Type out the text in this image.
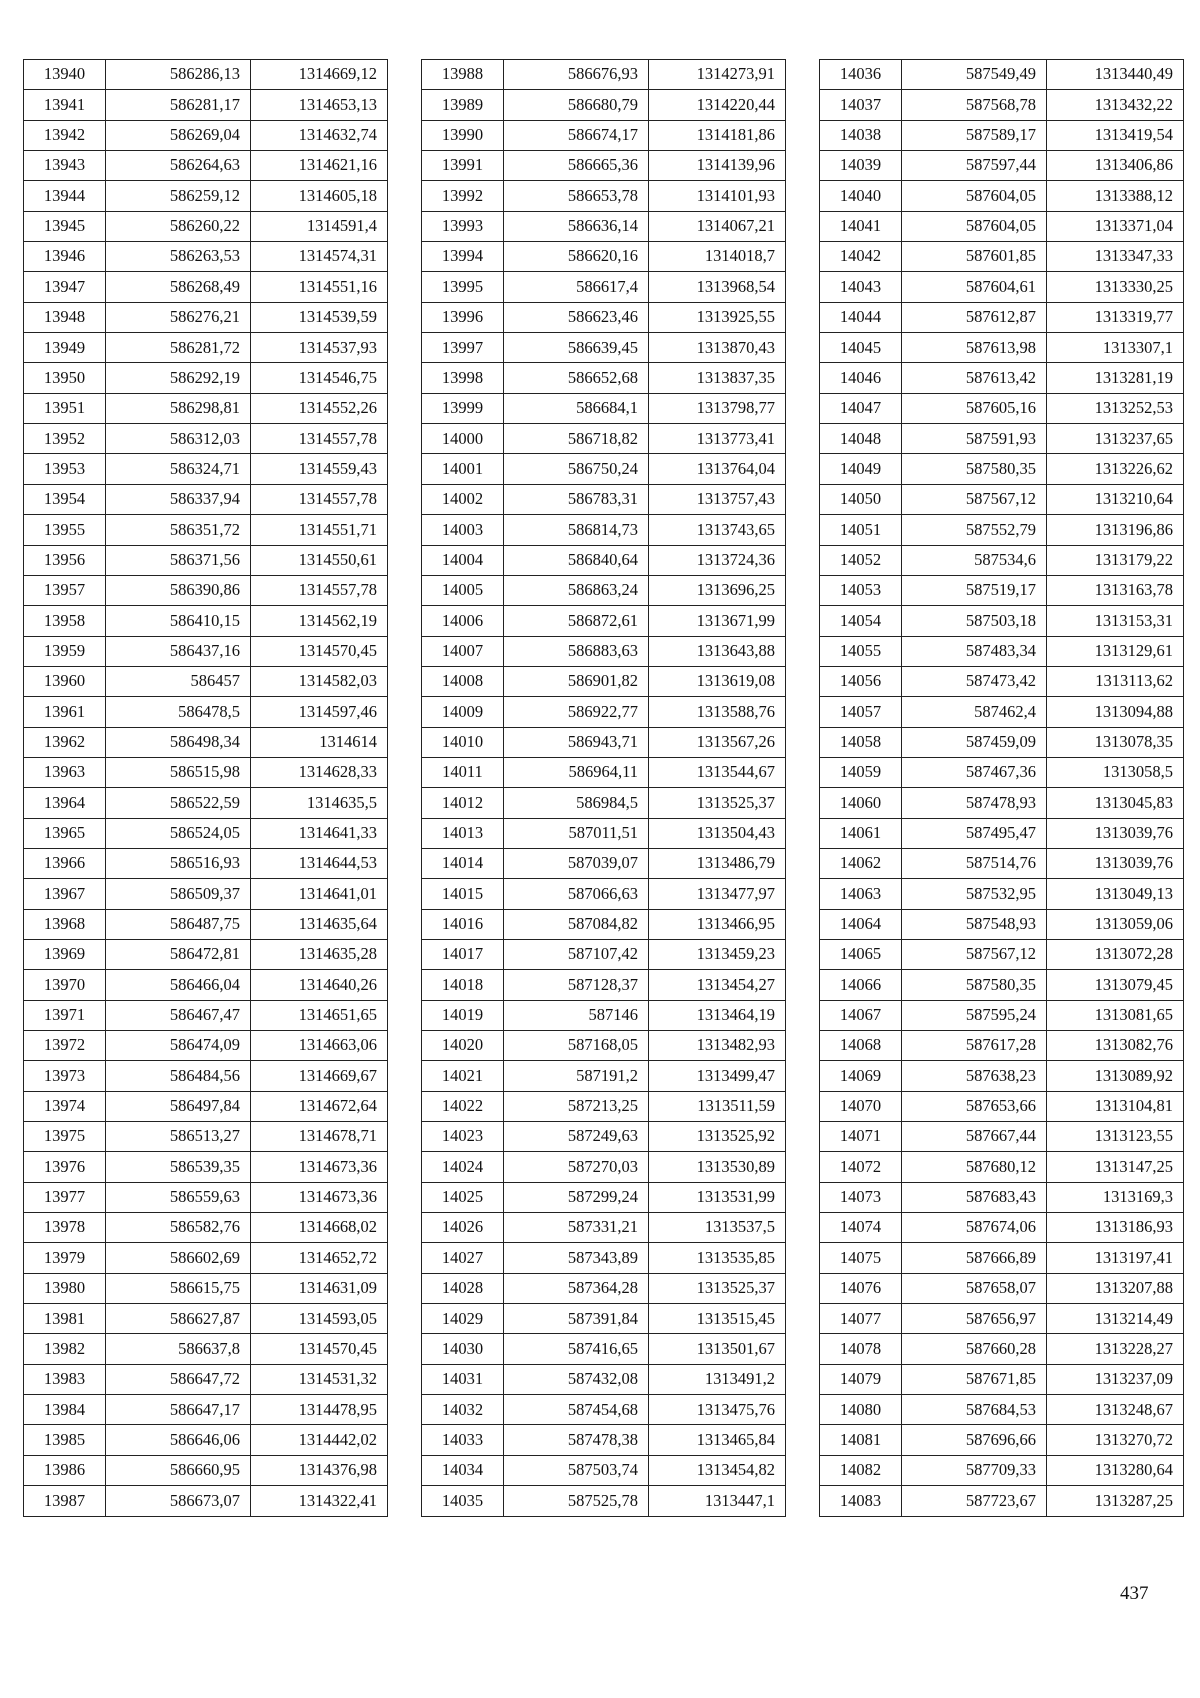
13940	586286,13	1314669,12
13941	586281,17	1314653,13
13942	586269,04	1314632,74
13943	586264,63	1314621,16
13944	586259,12	1314605,18
13945	586260,22	1314591,4
13946	586263,53	1314574,31
13947	586268,49	1314551,16
13948	586276,21	1314539,59
13949	586281,72	1314537,93
13950	586292,19	1314546,75
13951	586298,81	1314552,26
13952	586312,03	1314557,78
13953	586324,71	1314559,43
13954	586337,94	1314557,78
13955	586351,72	1314551,71
13956	586371,56	1314550,61
13957	586390,86	1314557,78
13958	586410,15	1314562,19
13959	586437,16	1314570,45
13960	586457	1314582,03
13961	586478,5	1314597,46
13962	586498,34	1314614
13963	586515,98	1314628,33
13964	586522,59	1314635,5
13965	586524,05	1314641,33
13966	586516,93	1314644,53
13967	586509,37	1314641,01
13968	586487,75	1314635,64
13969	586472,81	1314635,28
13970	586466,04	1314640,26
13971	586467,47	1314651,65
13972	586474,09	1314663,06
13973	586484,56	1314669,67
13974	586497,84	1314672,64
13975	586513,27	1314678,71
13976	586539,35	1314673,36
13977	586559,63	1314673,36
13978	586582,76	1314668,02
13979	586602,69	1314652,72
13980	586615,75	1314631,09
13981	586627,87	1314593,05
13982	586637,8	1314570,45
13983	586647,72	1314531,32
13984	586647,17	1314478,95
13985	586646,06	1314442,02
13986	586660,95	1314376,98
13987	586673,07	1314322,41
13988	586676,93	1314273,91
13989	586680,79	1314220,44
13990	586674,17	1314181,86
13991	586665,36	1314139,96
13992	586653,78	1314101,93
13993	586636,14	1314067,21
13994	586620,16	1314018,7
13995	586617,4	1313968,54
13996	586623,46	1313925,55
13997	586639,45	1313870,43
13998	586652,68	1313837,35
13999	586684,1	1313798,77
14000	586718,82	1313773,41
14001	586750,24	1313764,04
14002	586783,31	1313757,43
14003	586814,73	1313743,65
14004	586840,64	1313724,36
14005	586863,24	1313696,25
14006	586872,61	1313671,99
14007	586883,63	1313643,88
14008	586901,82	1313619,08
14009	586922,77	1313588,76
14010	586943,71	1313567,26
14011	586964,11	1313544,67
14012	586984,5	1313525,37
14013	587011,51	1313504,43
14014	587039,07	1313486,79
14015	587066,63	1313477,97
14016	587084,82	1313466,95
14017	587107,42	1313459,23
14018	587128,37	1313454,27
14019	587146	1313464,19
14020	587168,05	1313482,93
14021	587191,2	1313499,47
14022	587213,25	1313511,59
14023	587249,63	1313525,92
14024	587270,03	1313530,89
14025	587299,24	1313531,99
14026	587331,21	1313537,5
14027	587343,89	1313535,85
14028	587364,28	1313525,37
14029	587391,84	1313515,45
14030	587416,65	1313501,67
14031	587432,08	1313491,2
14032	587454,68	1313475,76
14033	587478,38	1313465,84
14034	587503,74	1313454,82
14035	587525,78	1313447,1
14036	587549,49	1313440,49
14037	587568,78	1313432,22
14038	587589,17	1313419,54
14039	587597,44	1313406,86
14040	587604,05	1313388,12
14041	587604,05	1313371,04
14042	587601,85	1313347,33
14043	587604,61	1313330,25
14044	587612,87	1313319,77
14045	587613,98	1313307,1
14046	587613,42	1313281,19
14047	587605,16	1313252,53
14048	587591,93	1313237,65
14049	587580,35	1313226,62
14050	587567,12	1313210,64
14051	587552,79	1313196,86
14052	587534,6	1313179,22
14053	587519,17	1313163,78
14054	587503,18	1313153,31
14055	587483,34	1313129,61
14056	587473,42	1313113,62
14057	587462,4	1313094,88
14058	587459,09	1313078,35
14059	587467,36	1313058,5
14060	587478,93	1313045,83
14061	587495,47	1313039,76
14062	587514,76	1313039,76
14063	587532,95	1313049,13
14064	587548,93	1313059,06
14065	587567,12	1313072,28
14066	587580,35	1313079,45
14067	587595,24	1313081,65
14068	587617,28	1313082,76
14069	587638,23	1313089,92
14070	587653,66	1313104,81
14071	587667,44	1313123,55
14072	587680,12	1313147,25
14073	587683,43	1313169,3
14074	587674,06	1313186,93
14075	587666,89	1313197,41
14076	587658,07	1313207,88
14077	587656,97	1313214,49
14078	587660,28	1313228,27
14079	587671,85	1313237,09
14080	587684,53	1313248,67
14081	587696,66	1313270,72
14082	587709,33	1313280,64
14083	587723,67	1313287,25
437
